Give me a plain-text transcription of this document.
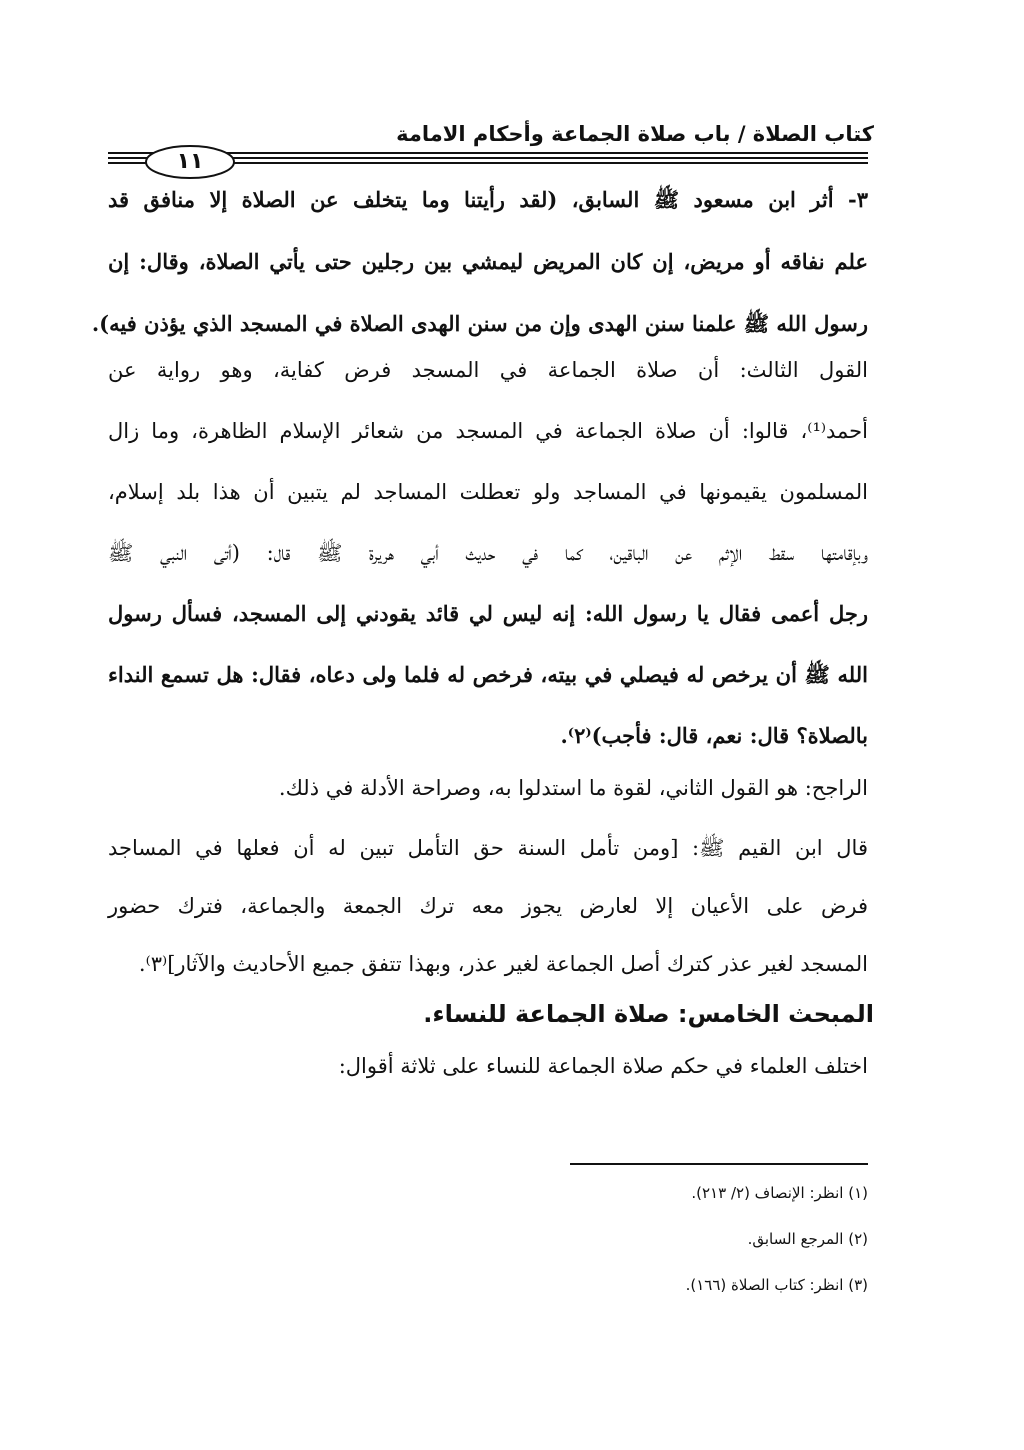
كتاب الصلاة / باب صلاة الجماعة وأحكام الامامة
١١
٣- أثر ابن مسعود ﷺ السابق، (لقد رأيتنا وما يتخلف عن الصلاة إلا منافق قد
علم نفاقه أو مريض، إن كان المريض ليمشي بين رجلين حتى يأتي الصلاة، وقال: إن
رسول الله ﷺ علمنا سنن الهدى وإن من سنن الهدى الصلاة في المسجد الذي يؤذن فيه).
القول الثالث: أن صلاة الجماعة في المسجد فرض كفاية، وهو رواية عن
أحمد⁽¹⁾، قالوا: أن صلاة الجماعة في المسجد من شعائر الإسلام الظاهرة، وما زال
المسلمون يقيمونها في المساجد ولو تعطلت المساجد لم يتبين أن هذا بلد إسلام،
وبإقامتها سقط الإثم عن الباقين، كما في حديث أبي هريرة ﷺ قال: (أتى النبي ﷺ
رجل أعمى فقال يا رسول الله: إنه ليس لي قائد يقودني إلى المسجد، فسأل رسول
الله ﷺ أن يرخص له فيصلي في بيته، فرخص له فلما ولى دعاه، فقال: هل تسمع النداء
بالصلاة؟ قال: نعم، قال: فأجب)⁽٢⁾.
الراجح: هو القول الثاني، لقوة ما استدلوا به، وصراحة الأدلة في ذلك.
قال ابن القيم ﷺ: [ومن تأمل السنة حق التأمل تبين له أن فعلها في المساجد
فرض على الأعيان إلا لعارض يجوز معه ترك الجمعة والجماعة، فترك حضور
المسجد لغير عذر كترك أصل الجماعة لغير عذر، وبهذا تتفق جميع الأحاديث والآثار]⁽٣⁾.
المبحث الخامس: صلاة الجماعة للنساء.
اختلف العلماء في حكم صلاة الجماعة للنساء على ثلاثة أقوال:
(١) انظر: الإنصاف (٢/ ٢١٣).
(٢) المرجع السابق.
(٣) انظر: كتاب الصلاة (١٦٦).
